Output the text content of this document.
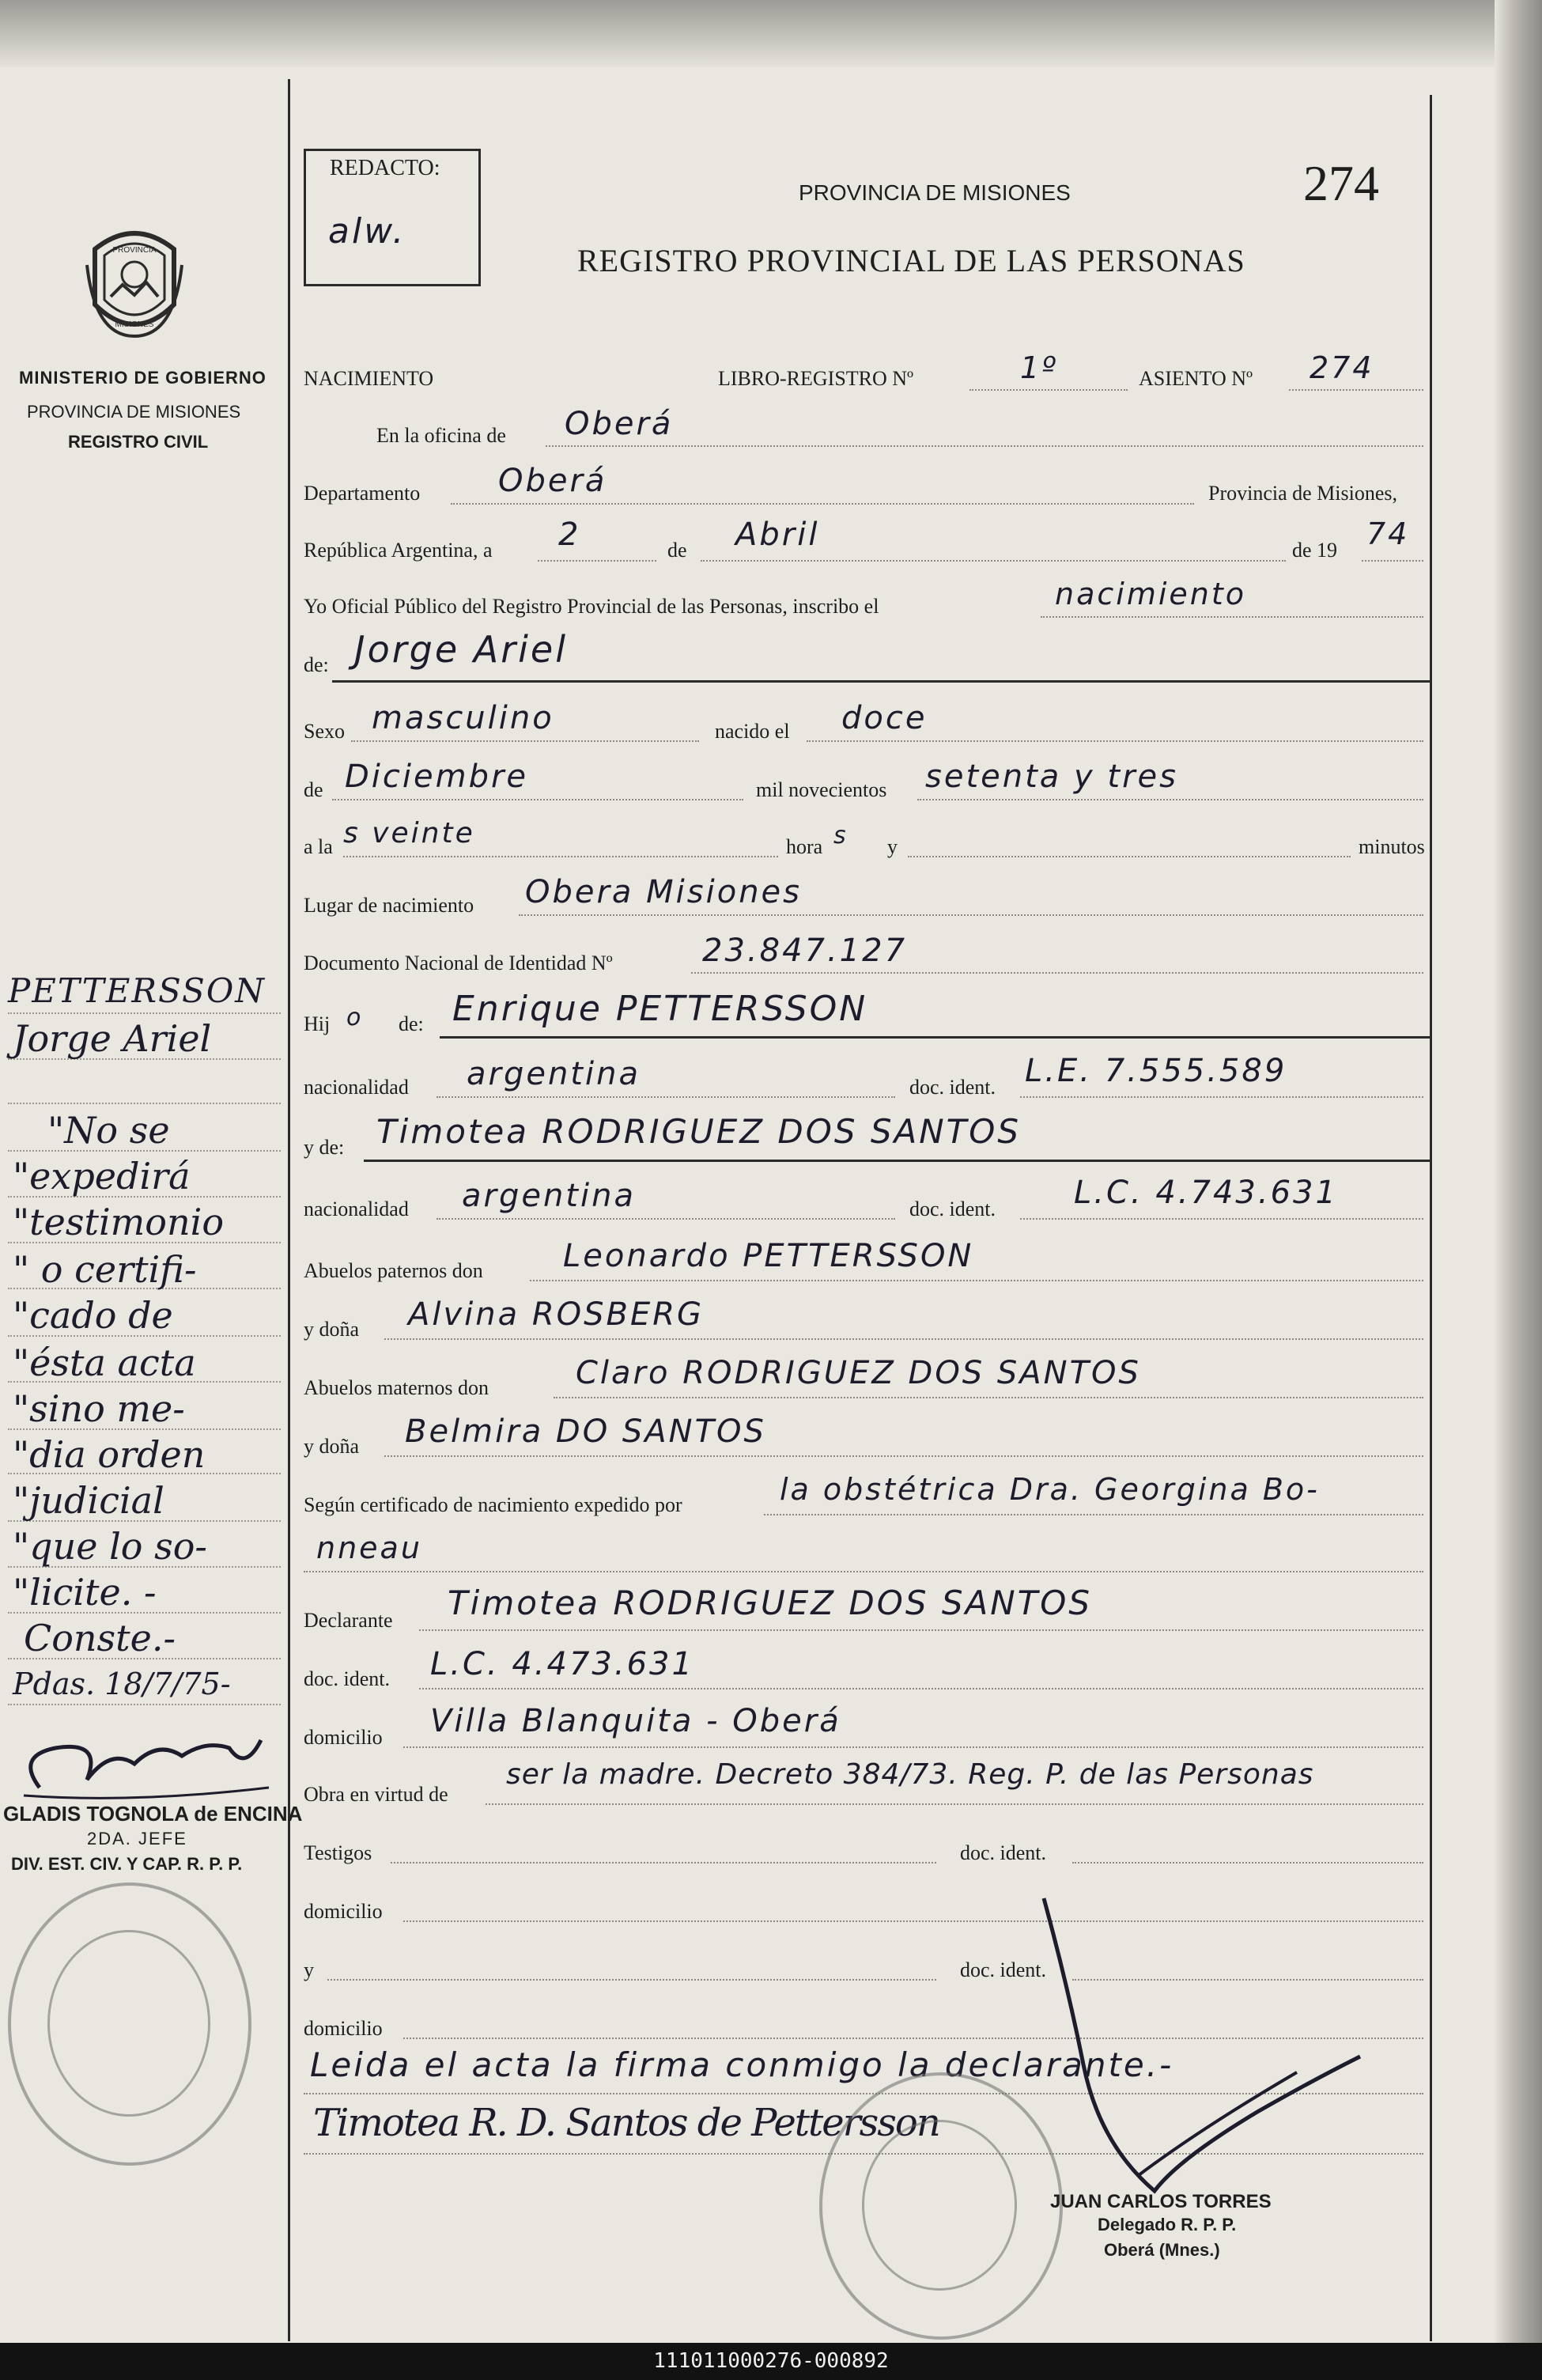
PROVINCIA
MISIONES
MINISTERIO DE GOBIERNO
PROVINCIA DE MISIONES
REGISTRO CIVIL
REDACTO:
alw.
PROVINCIA DE MISIONES
REGISTRO PROVINCIAL DE LAS PERSONAS
274
NACIMIENTO	LIBRO-REGISTRO Nº	1º	ASIENTO Nº 274
En la oficina de Oberá
Departamento Oberá	Provincia de Misiones,
República Argentina, a 2	de Abril	de 19 74
Yo Oficial Público del Registro Provincial de las Personas, inscribo el	nacimiento
de: Jorge Ariel
Sexo masculino	nacido el doce
de Diciembre	mil novecientos setenta y tres
a la s veinte	hora s y	minutos
Lugar de nacimiento Obera Misiones
Documento Nacional de Identidad Nº	23.847.127
Hij o de: Enrique PETTERSSON
nacionalidad argentina	doc. ident. L.E. 7.555.589
y de: Timotea RODRIGUEZ DOS SANTOS
nacionalidad argentina	doc. ident. L.C. 4.743.631
Abuelos paternos don	Leonardo PETTERSSON
y doña Alvina ROSBERG
Abuelos maternos don	Claro RODRIGUEZ DOS SANTOS
y doña Belmira DO SANTOS
Según certificado de nacimiento expedido por	la obstétrica Dra. Georgina Bo-
nneau
Declarante Timotea RODRIGUEZ DOS SANTOS
doc. ident. L.C. 4.473.631
domicilio Villa Blanquita - Oberá
Obra en virtud de
ser la madre. Decreto 384/73. Reg. P. de las Personas
Testigos	doc. ident.
domicilio
y	doc. ident.
domicilio
Leida el acta la firma conmigo la declarante.-
Timotea R. D. Santos de Pettersson
JUAN CARLOS TORRES
Delegado R. P. P.
Oberá (Mnes.)
PETTERSSON
Jorge Ariel
"No se
"expedirá
"testimonio
" o certifi-
"cado de
"ésta acta
"sino me-
"dia orden
"judicial
"que lo so-
"licite. -
Conste.-
Pdas. 18/7/75-
GLADIS TOGNOLA de ENCINA
2DA. JEFE
DIV. EST. CIV. Y CAP. R. P. P.
111011000276-000892
